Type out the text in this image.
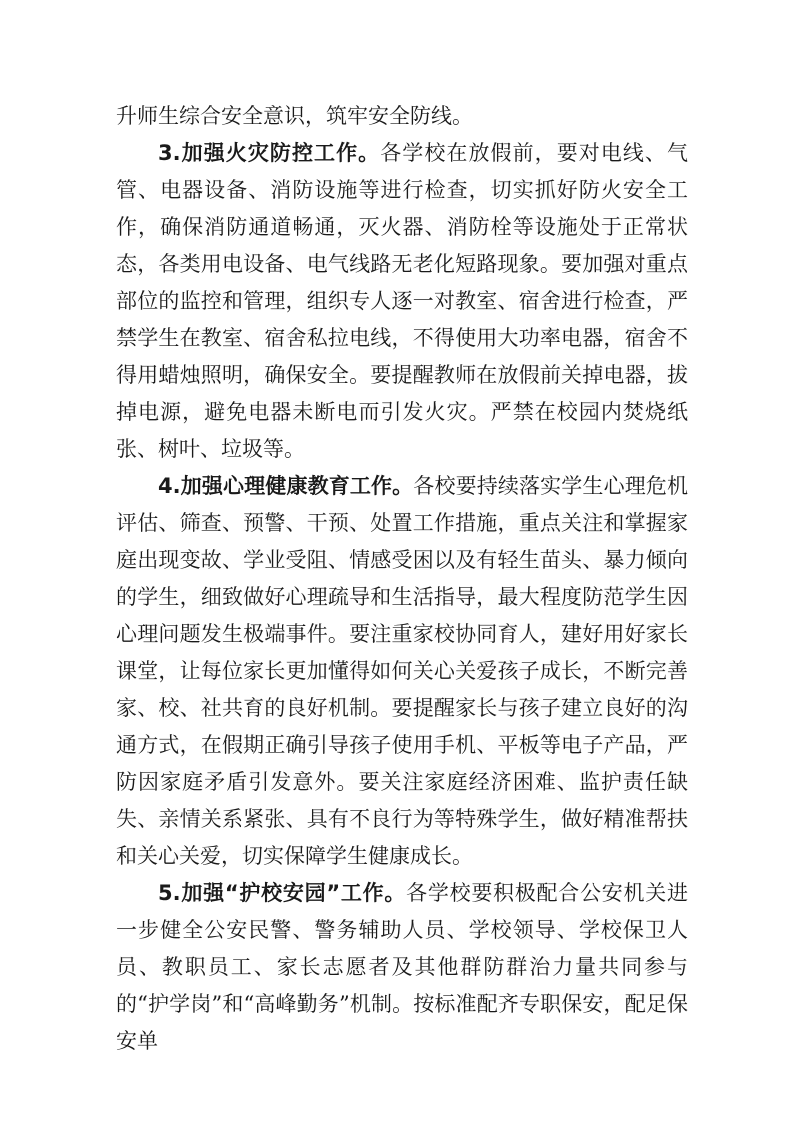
升师生综合安全意识，筑牢安全防线。

3.加强火灾防控工作。各学校在放假前，要对电线、气管、电器设备、消防设施等进行检查，切实抓好防火安全工作，确保消防通道畅通，灭火器、消防栓等设施处于正常状态，各类用电设备、电气线路无老化短路现象。要加强对重点部位的监控和管理，组织专人逐一对教室、宿舍进行检查，严禁学生在教室、宿舍私拉电线，不得使用大功率电器，宿舍不得用蜡烛照明，确保安全。要提醒教师在放假前关掉电器，拔掉电源，避免电器未断电而引发火灾。严禁在校园内焚烧纸张、树叶、垃圾等。

4.加强心理健康教育工作。各校要持续落实学生心理危机评估、筛查、预警、干预、处置工作措施，重点关注和掌握家庭出现变故、学业受阻、情感受困以及有轻生苗头、暴力倾向的学生，细致做好心理疏导和生活指导，最大程度防范学生因心理问题发生极端事件。要注重家校协同育人，建好用好家长课堂，让每位家长更加懂得如何关心关爱孩子成长，不断完善家、校、社共育的良好机制。要提醒家长与孩子建立良好的沟通方式，在假期正确引导孩子使用手机、平板等电子产品，严防因家庭矛盾引发意外。要关注家庭经济困难、监护责任缺失、亲情关系紧张、具有不良行为等特殊学生，做好精准帮扶和关心关爱，切实保障学生健康成长。

5.加强“护校安园”工作。各学校要积极配合公安机关进一步健全公安民警、警务辅助人员、学校领导、学校保卫人员、教职员工、家长志愿者及其他群防群治力量共同参与的“护学岗”和“高峰勤务”机制。按标准配齐专职保安，配足保安单
